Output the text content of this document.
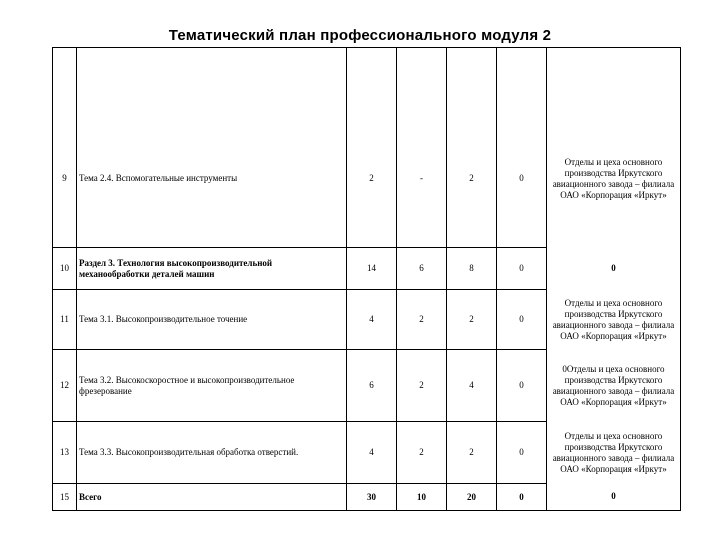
Тематический план профессионального модуля 2

9	Тема 2.4. Вспомогательные инструменты	2	-	2	0	Отделы и цеха основного производства Иркутского авиационного завода – филиала ОАО «Корпорация «Иркут»
10	Раздел 3. Технология высокопроизводительной механообработки деталей машин	14	6	8	0	0
11	Тема 3.1. Высокопроизводительное точение	4	2	2	0	Отделы и цеха основного производства Иркутского авиационного завода – филиала ОАО «Корпорация «Иркут»
12	Тема 3.2. Высокоскоростное и высокопроизводительное фрезерование	6	2	4	0	0Отделы и цеха основного производства Иркутского авиационного завода – филиала ОАО «Корпорация «Иркут»
13	Тема 3.3. Высокопроизводительная обработка отверстий.	4	2	2	0	Отделы и цеха основного производства Иркутского авиационного завода – филиала ОАО «Корпорация «Иркут»
15	Всего	30	10	20	0	0
